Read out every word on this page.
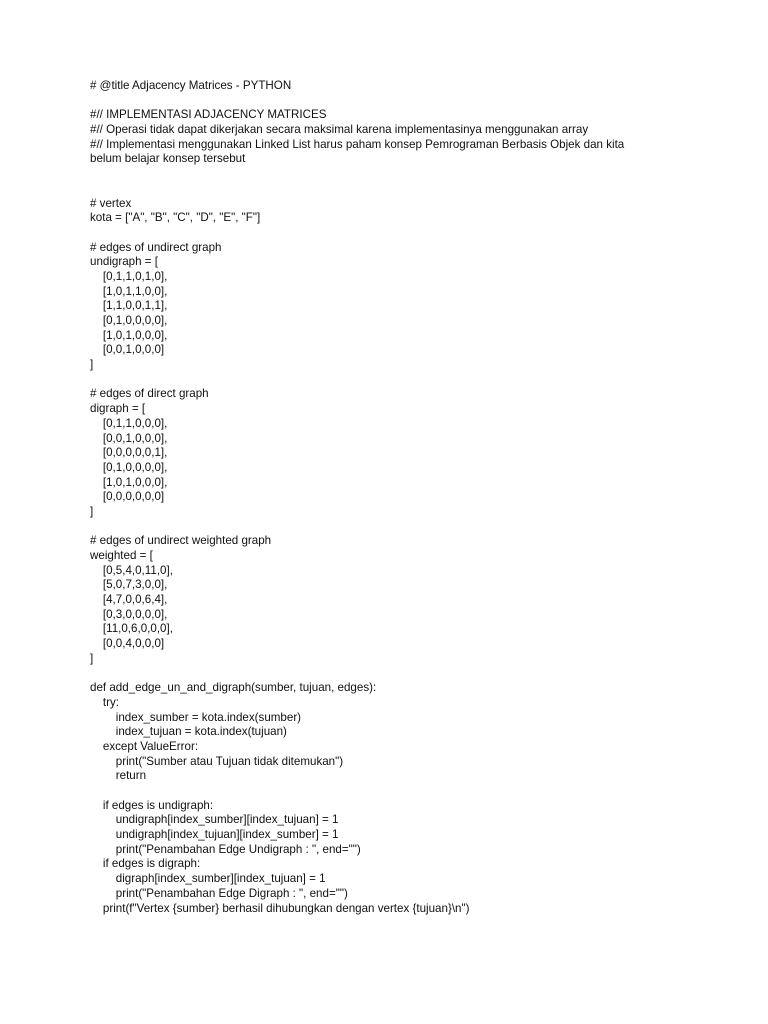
# @title Adjacency Matrices - PYTHON
#// IMPLEMENTASI ADJACENCY MATRICES
#// Operasi tidak dapat dikerjakan secara maksimal karena implementasinya menggunakan array
#// Implementasi menggunakan Linked List harus paham konsep Pemrograman Berbasis Objek dan kita
belum belajar konsep tersebut
# vertex
kota = ["A", "B", "C", "D", "E", "F"]
# edges of undirect graph
undigraph = [
[0,1,1,0,1,0],
[1,0,1,1,0,0],
[1,1,0,0,1,1],
[0,1,0,0,0,0],
[1,0,1,0,0,0],
[0,0,1,0,0,0]
]
# edges of direct graph
digraph = [
[0,1,1,0,0,0],
[0,0,1,0,0,0],
[0,0,0,0,0,1],
[0,1,0,0,0,0],
[1,0,1,0,0,0],
[0,0,0,0,0,0]
]
# edges of undirect weighted graph
weighted = [
[0,5,4,0,11,0],
[5,0,7,3,0,0],
[4,7,0,0,6,4],
[0,3,0,0,0,0],
[11,0,6,0,0,0],
[0,0,4,0,0,0]
]
def add_edge_un_and_digraph(sumber, tujuan, edges):
try:
index_sumber = kota.index(sumber)
index_tujuan = kota.index(tujuan)
except ValueError:
print("Sumber atau Tujuan tidak ditemukan")
return
if edges is undigraph:
undigraph[index_sumber][index_tujuan] = 1
undigraph[index_tujuan][index_sumber] = 1
print("Penambahan Edge Undigraph : ", end="")
if edges is digraph:
digraph[index_sumber][index_tujuan] = 1
print("Penambahan Edge Digraph : ", end="")
print(f"Vertex {sumber} berhasil dihubungkan dengan vertex {tujuan}\n")
